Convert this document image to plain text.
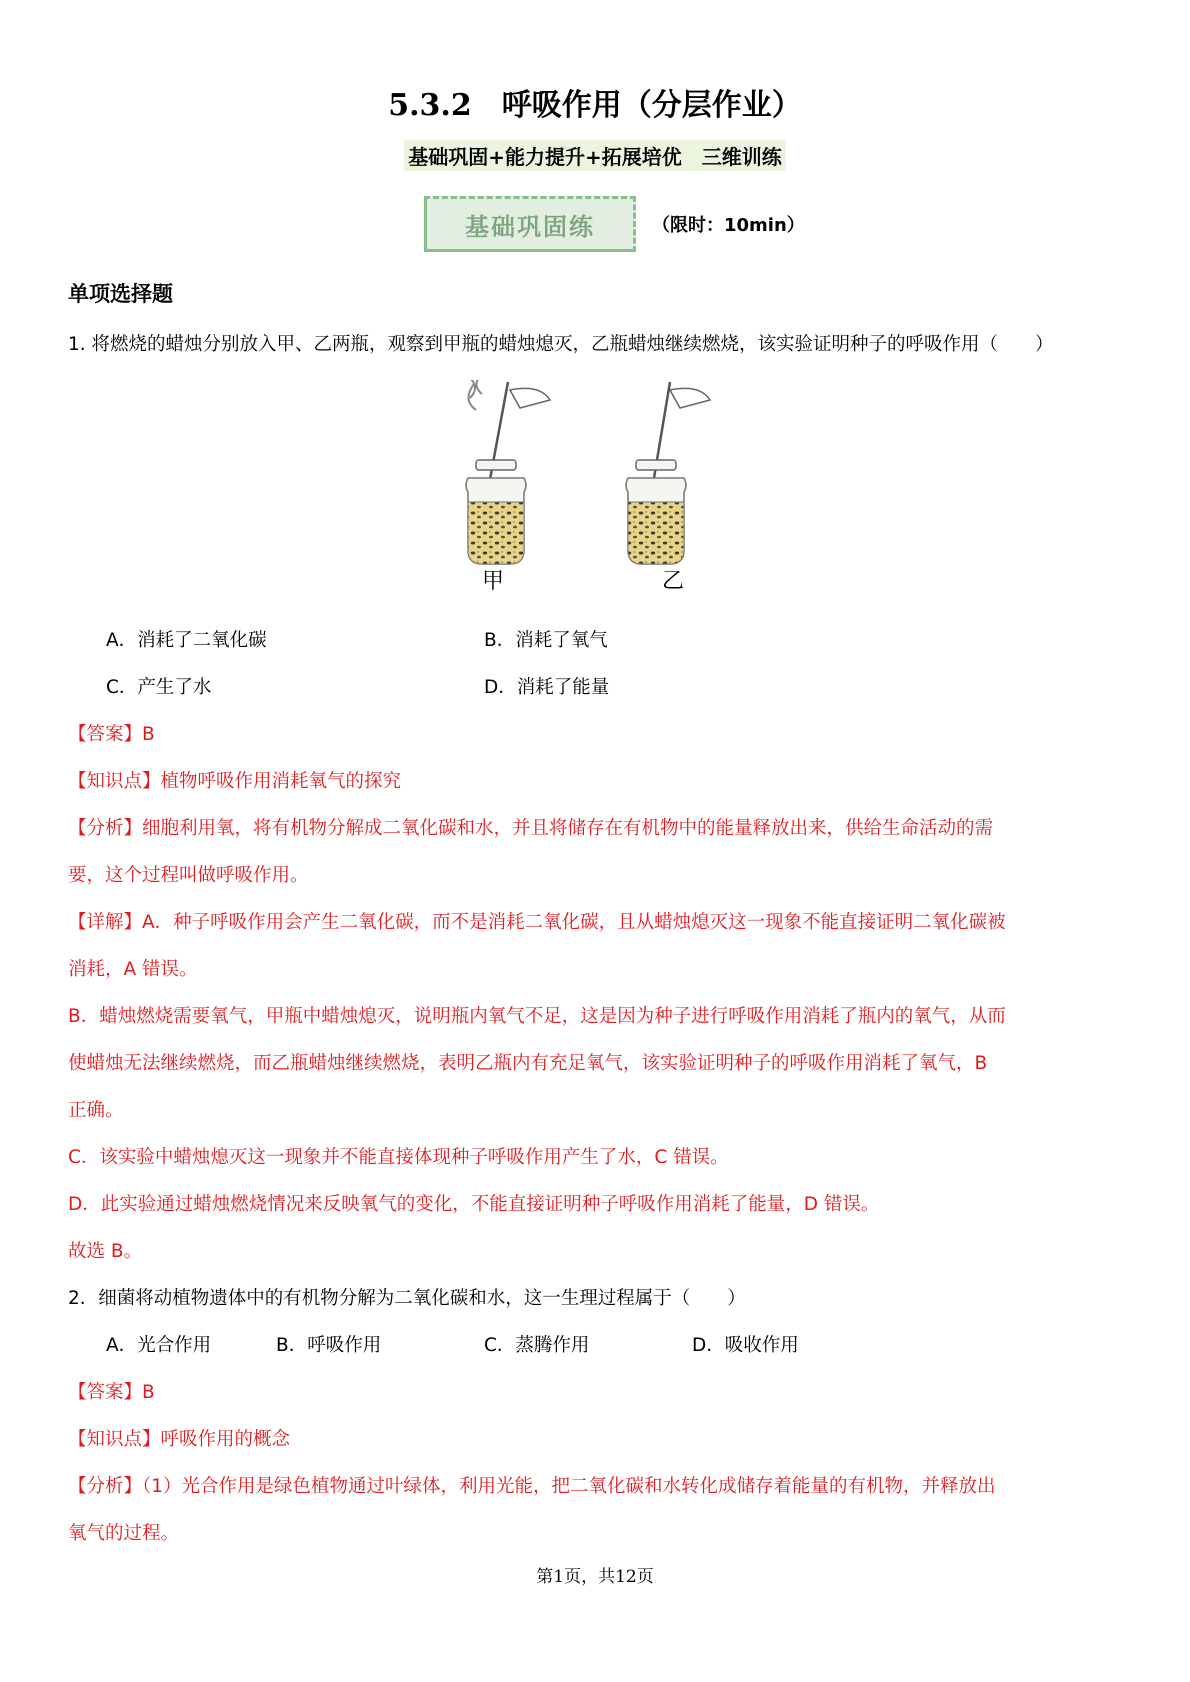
5.3.2　呼吸作用（分层作业）
基础巩固+能力提升+拓展培优　三维训练
基础巩固练	（限时：10min）
单项选择题
1. 将燃烧的蜡烛分别放入甲、乙两瓶，观察到甲瓶的蜡烛熄灭，乙瓶蜡烛继续燃烧，该实验证明种子的呼吸作用（　　）
甲	乙
A．消耗了二氧化碳	B．消耗了氧气
C．产生了水	D．消耗了能量
【答案】B
【知识点】植物呼吸作用消耗氧气的探究
【分析】细胞利用氧，将有机物分解成二氧化碳和水，并且将储存在有机物中的能量释放出来，供给生命活动的需
要，这个过程叫做呼吸作用。
【详解】A．种子呼吸作用会产生二氧化碳，而不是消耗二氧化碳，且从蜡烛熄灭这一现象不能直接证明二氧化碳被
消耗，A 错误。
B．蜡烛燃烧需要氧气，甲瓶中蜡烛熄灭，说明瓶内氧气不足，这是因为种子进行呼吸作用消耗了瓶内的氧气，从而
使蜡烛无法继续燃烧，而乙瓶蜡烛继续燃烧，表明乙瓶内有充足氧气，该实验证明种子的呼吸作用消耗了氧气，B
正确。
C．该实验中蜡烛熄灭这一现象并不能直接体现种子呼吸作用产生了水，C 错误。
D．此实验通过蜡烛燃烧情况来反映氧气的变化，不能直接证明种子呼吸作用消耗了能量，D 错误。
故选 B。
2．细菌将动植物遗体中的有机物分解为二氧化碳和水，这一生理过程属于（　　）
A．光合作用	B．呼吸作用	C．蒸腾作用	D．吸收作用
【答案】B
【知识点】呼吸作用的概念
【分析】（1）光合作用是绿色植物通过叶绿体，利用光能，把二氧化碳和水转化成储存着能量的有机物，并释放出
氧气的过程。
第1页，共12页
